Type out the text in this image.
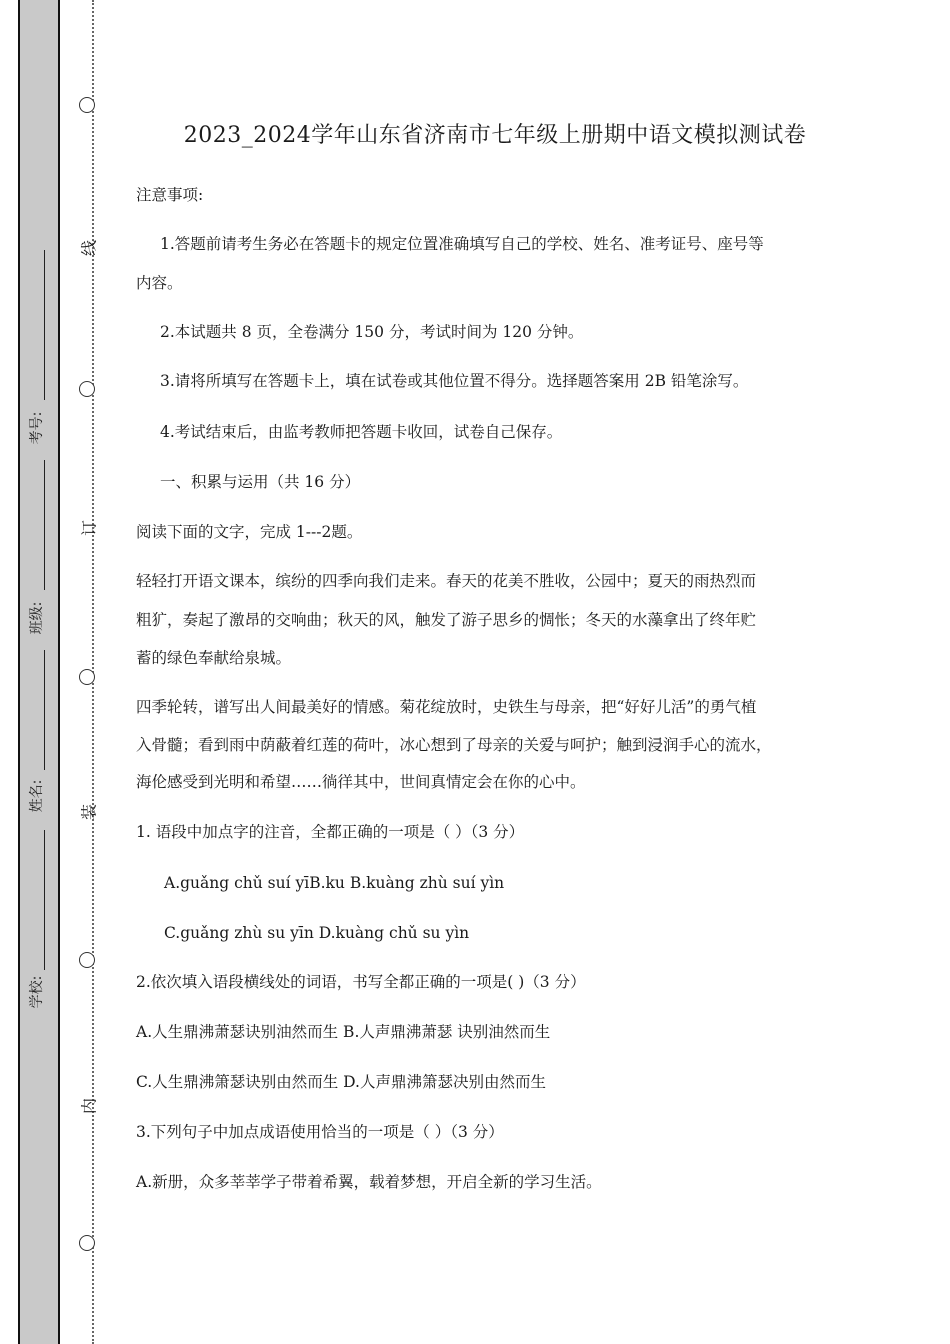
考号:
班级:
姓名:
学校:
线
订
装
内
2023_2024学年山东省济南市七年级上册期中语文模拟测试卷
注意事项:
1.答题前请考生务必在答题卡的规定位置准确填写自己的学校、姓名、准考证号、座号等
内容。
2.本试题共 8 页，全卷满分 150 分，考试时间为 120 分钟。
3.请将所填写在答题卡上，填在试卷或其他位置不得分。选择题答案用 2B 铅笔涂写。
4.考试结束后，由监考教师把答题卡收回，试卷自己保存。
一、积累与运用（共 16 分）
阅读下面的文字，完成 1---2题。
轻轻打开语文课本，缤纷的四季向我们走来。春天的花美不胜收，公园中；夏天的雨热烈而
粗犷，奏起了激昂的交响曲；秋天的风，触发了游子思乡的惆怅；冬天的水藻拿出了终年贮
蓄的绿色奉献给泉城。
四季轮转，谱写出人间最美好的情感。菊花绽放时，史铁生与母亲，把“好好儿活”的勇气植
入骨髓；看到雨中荫蔽着红莲的荷叶，冰心想到了母亲的关爱与呵护；触到浸润手心的流水，
海伦感受到光明和希望……徜徉其中，世间真情定会在你的心中。
1. 语段中加点字的注音，全都正确的一项是（ ）（3 分）
A.guǎng chǔ suí yīB.ku B.kuàng zhù suí yìn
C.guǎng zhù su yīn D.kuàng chǔ su yìn
2.依次填入语段横线处的词语，书写全都正确的一项是( )（3 分）
A.人生鼎沸萧瑟诀别油然而生 B.人声鼎沸萧瑟 诀别油然而生
C.人生鼎沸箫瑟诀别由然而生 D.人声鼎沸箫瑟决别由然而生
3.下列句子中加点成语使用恰当的一项是（ ）（3 分）
A.新册，众多莘莘学子带着希翼，载着梦想，开启全新的学习生活。
